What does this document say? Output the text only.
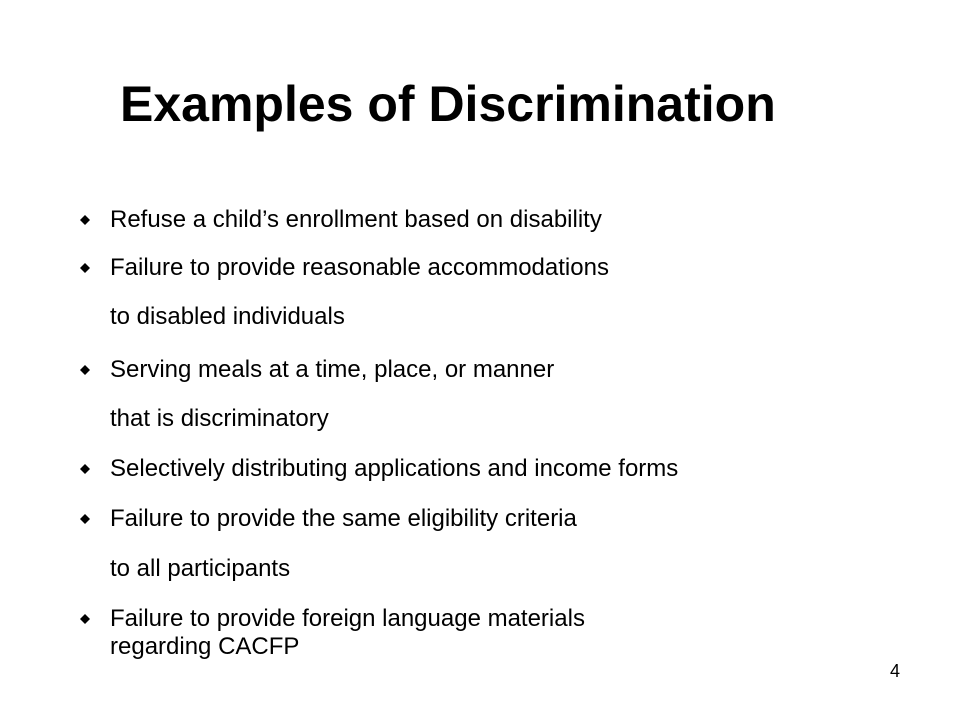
Examples of Discrimination
Refuse a child’s enrollment based on disability
Failure to provide reasonable accommodations
to disabled individuals
Serving meals at a time, place, or manner
that is discriminatory
Selectively distributing applications and income forms
Failure to provide the same eligibility criteria
to all participants
Failure to provide foreign language materials
regarding CACFP
4
